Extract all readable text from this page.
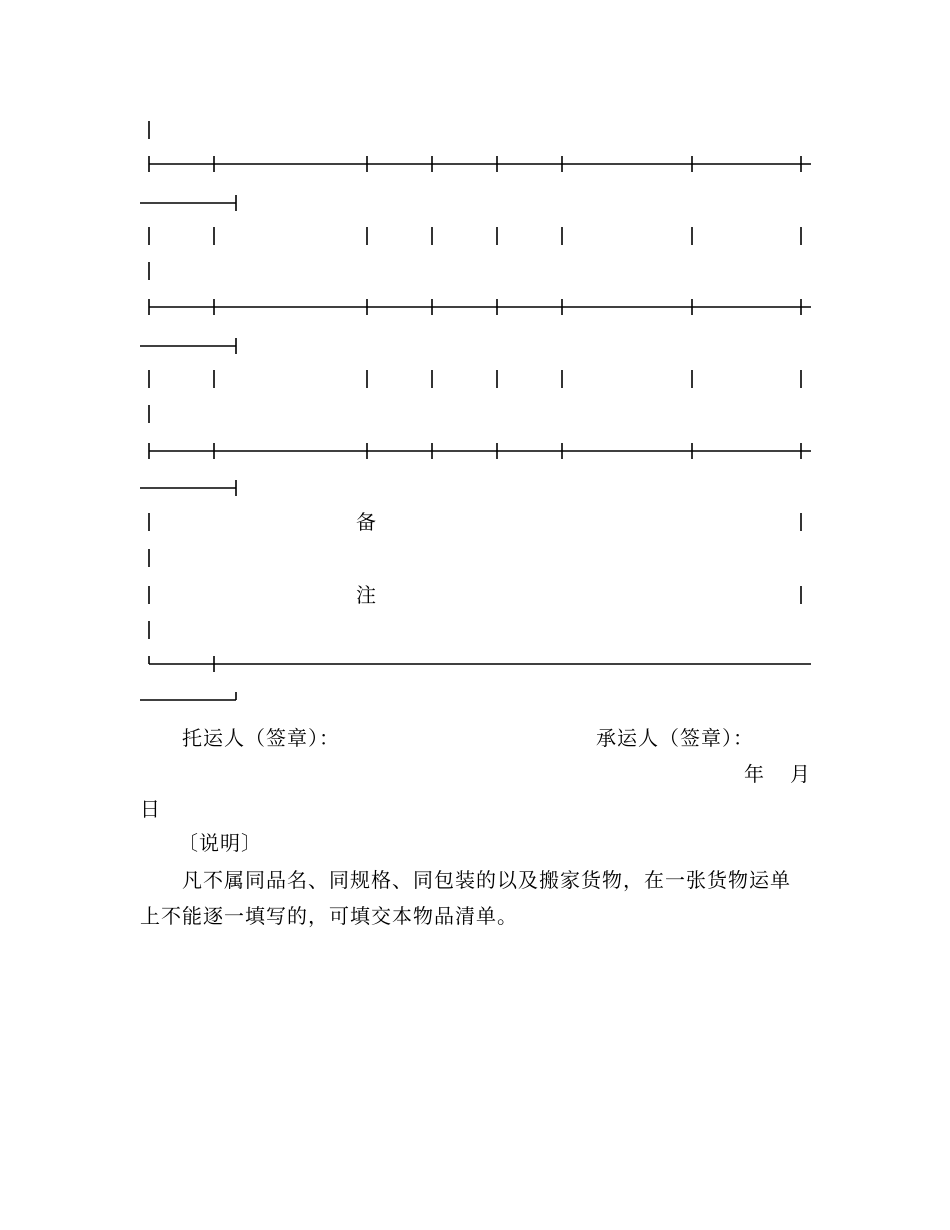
备
注
托运人（签章）：	承运人（签章）：
年 月
日
〔说明〕
凡不属同品名、同规格、同包装的以及搬家货物，在一张货物运单
上不能逐一填写的，可填交本物品清单。
